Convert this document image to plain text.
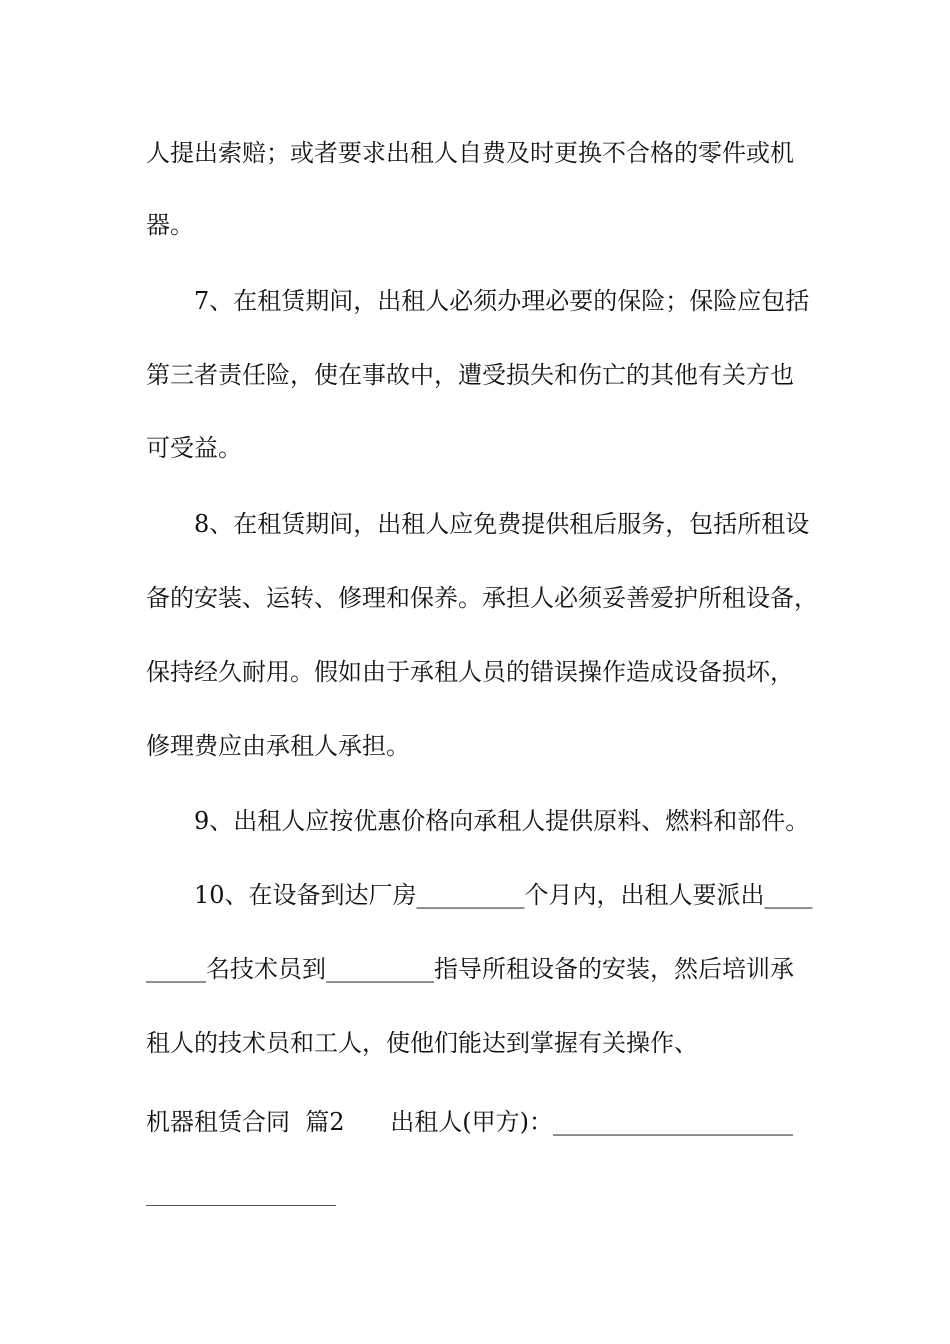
人提出索赔；或者要求出租人自费及时更换不合格的零件或机
器。
7、在租赁期间，出租人必须办理必要的保险；保险应包括
第三者责任险，使在事故中，遭受损失和伤亡的其他有关方也
可受益。
8、在租赁期间，出租人应免费提供租后服务，包括所租设
备的安装、运转、修理和保养。承担人必须妥善爱护所租设备，
保持经久耐用。假如由于承租人员的错误操作造成设备损坏，
修理费应由承租人承担。
9、出租人应按优惠价格向承租人提供原料、燃料和部件。
10、在设备到达厂房_________个月内，出租人要派出____
_____名技术员到_________指导所租设备的安装，然后培训承
租人的技术员和工人，使他们能达到掌握有关操作、
机器租赁合同  篇2      出租人(甲方)：____________________
